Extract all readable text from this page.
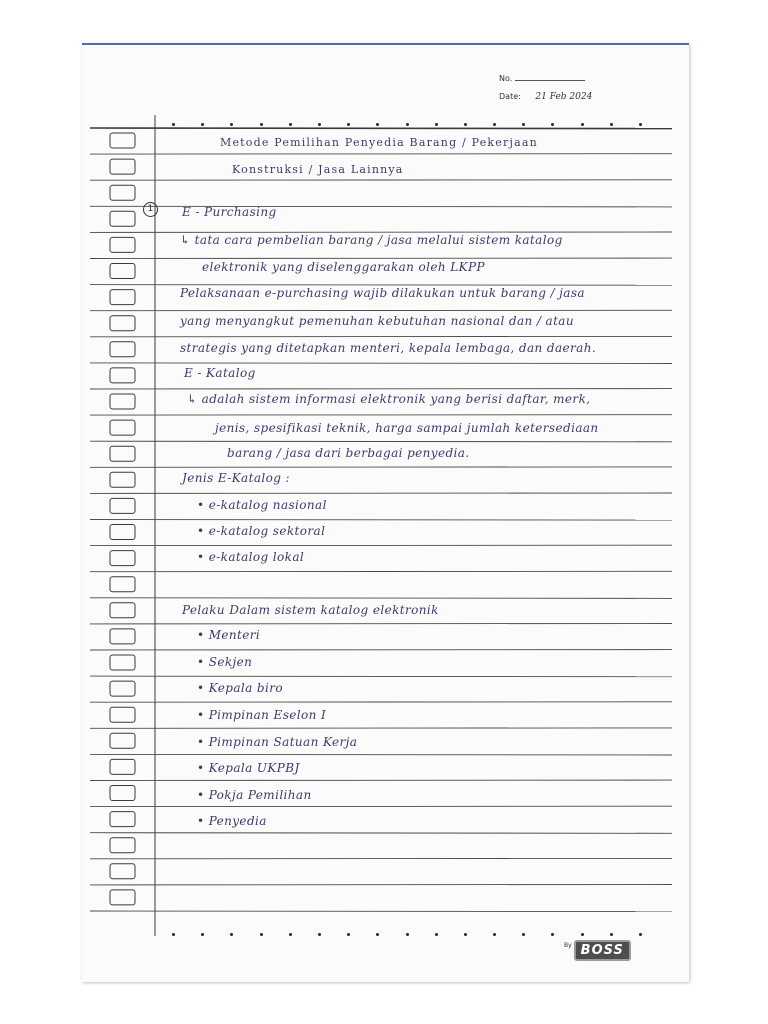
No.
Date: 21 Feb 2024
1
Metode Pemilihan Penyedia Barang / Pekerjaan
Konstruksi / Jasa Lainnya
E - Purchasing
↳ tata cara pembelian barang / jasa melalui sistem katalog
elektronik yang diselenggarakan oleh LKPP
Pelaksanaan e-purchasing wajib dilakukan untuk barang / jasa
yang menyangkut pemenuhan kebutuhan nasional dan / atau
strategis yang ditetapkan menteri, kepala lembaga, dan daerah.
E - Katalog
↳ adalah sistem informasi elektronik yang berisi daftar, merk,
jenis, spesifikasi teknik, harga sampai jumlah ketersediaan
barang / jasa dari berbagai penyedia.
Jenis E-Katalog :
• e-katalog nasional
• e-katalog sektoral
• e-katalog lokal
Pelaku Dalam sistem katalog elektronik
• Menteri
• Sekjen
• Kepala biro
• Pimpinan Eselon I
• Pimpinan Satuan Kerja
• Kepala UKPBJ
• Pokja Pemilihan
• Penyedia
By BOSS
